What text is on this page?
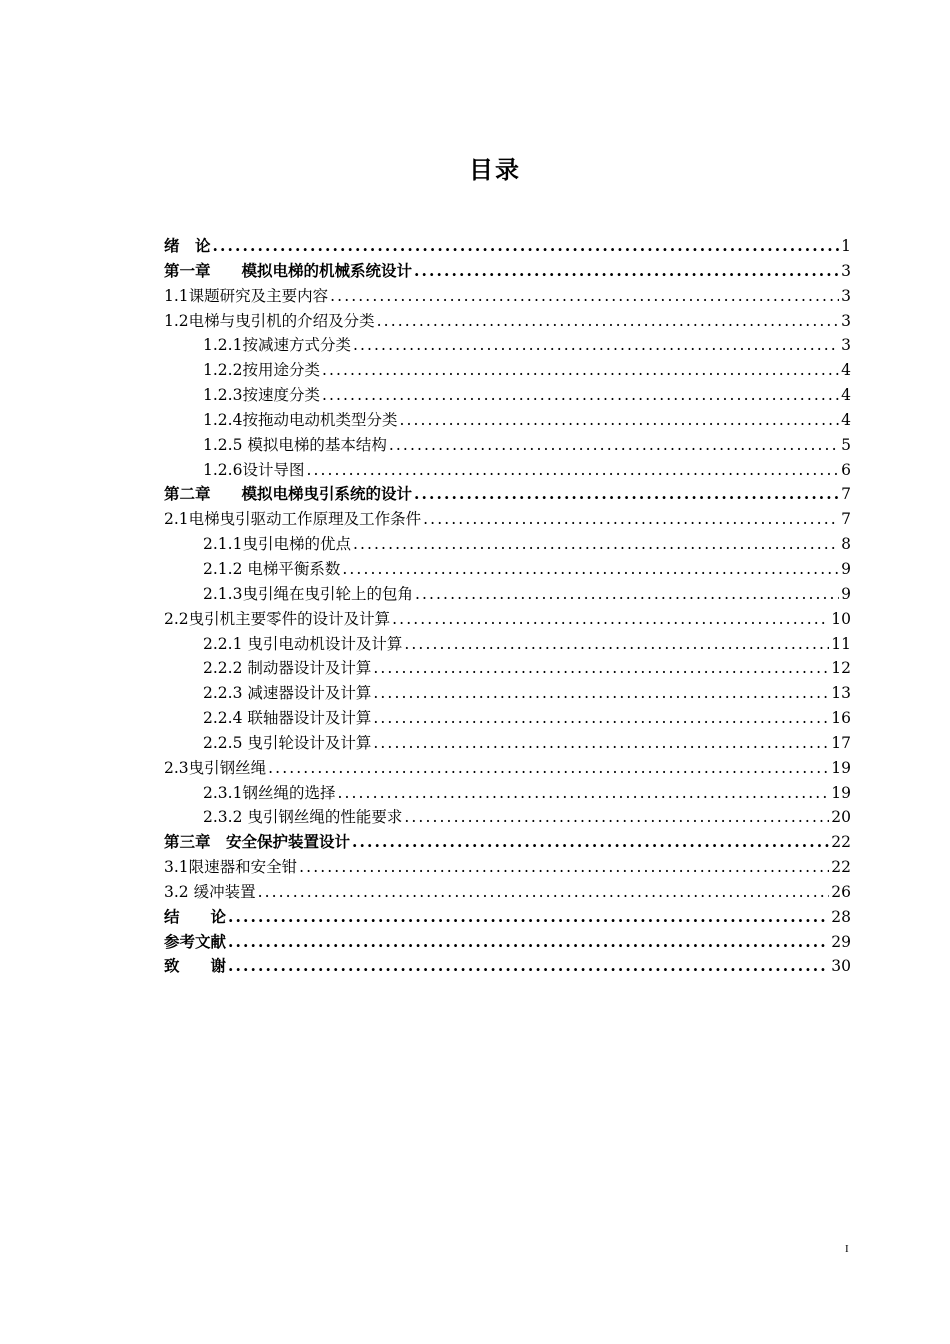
目录
绪　论 .....	1
第一章　　模拟电梯的机械系统设计 .....	3
1.1课题研究及主要内容 .....	3
1.2电梯与曳引机的介绍及分类 .....	3
1.2.1按减速方式分类 .....	3
1.2.2按用途分类 .....	4
1.2.3按速度分类 .....	4
1.2.4按拖动电动机类型分类 .....	4
1.2.5 模拟电梯的基本结构 .....	5
1.2.6设计导图 .....	6
第二章　　模拟电梯曳引系统的设计 .....	7
2.1电梯曳引驱动工作原理及工作条件 .....	7
2.1.1曳引电梯的优点 .....	8
2.1.2 电梯平衡系数 .....	9
2.1.3曳引绳在曳引轮上的包角 .....	9
2.2曳引机主要零件的设计及计算 .....	10
2.2.1 曳引电动机设计及计算 .....	11
2.2.2 制动器设计及计算 .....	12
2.2.3 减速器设计及计算 .....	13
2.2.4 联轴器设计及计算 .....	16
2.2.5 曳引轮设计及计算 .....	17
2.3曳引钢丝绳 .....	19
2.3.1钢丝绳的选择 .....	19
2.3.2 曳引钢丝绳的性能要求 .....	20
第三章　安全保护装置设计 .....	22
3.1限速器和安全钳 .....	22
3.2 缓冲装置 .....	26
结　　论 .....	28
参考文献 .....	29
致　　谢 .....	30
I
